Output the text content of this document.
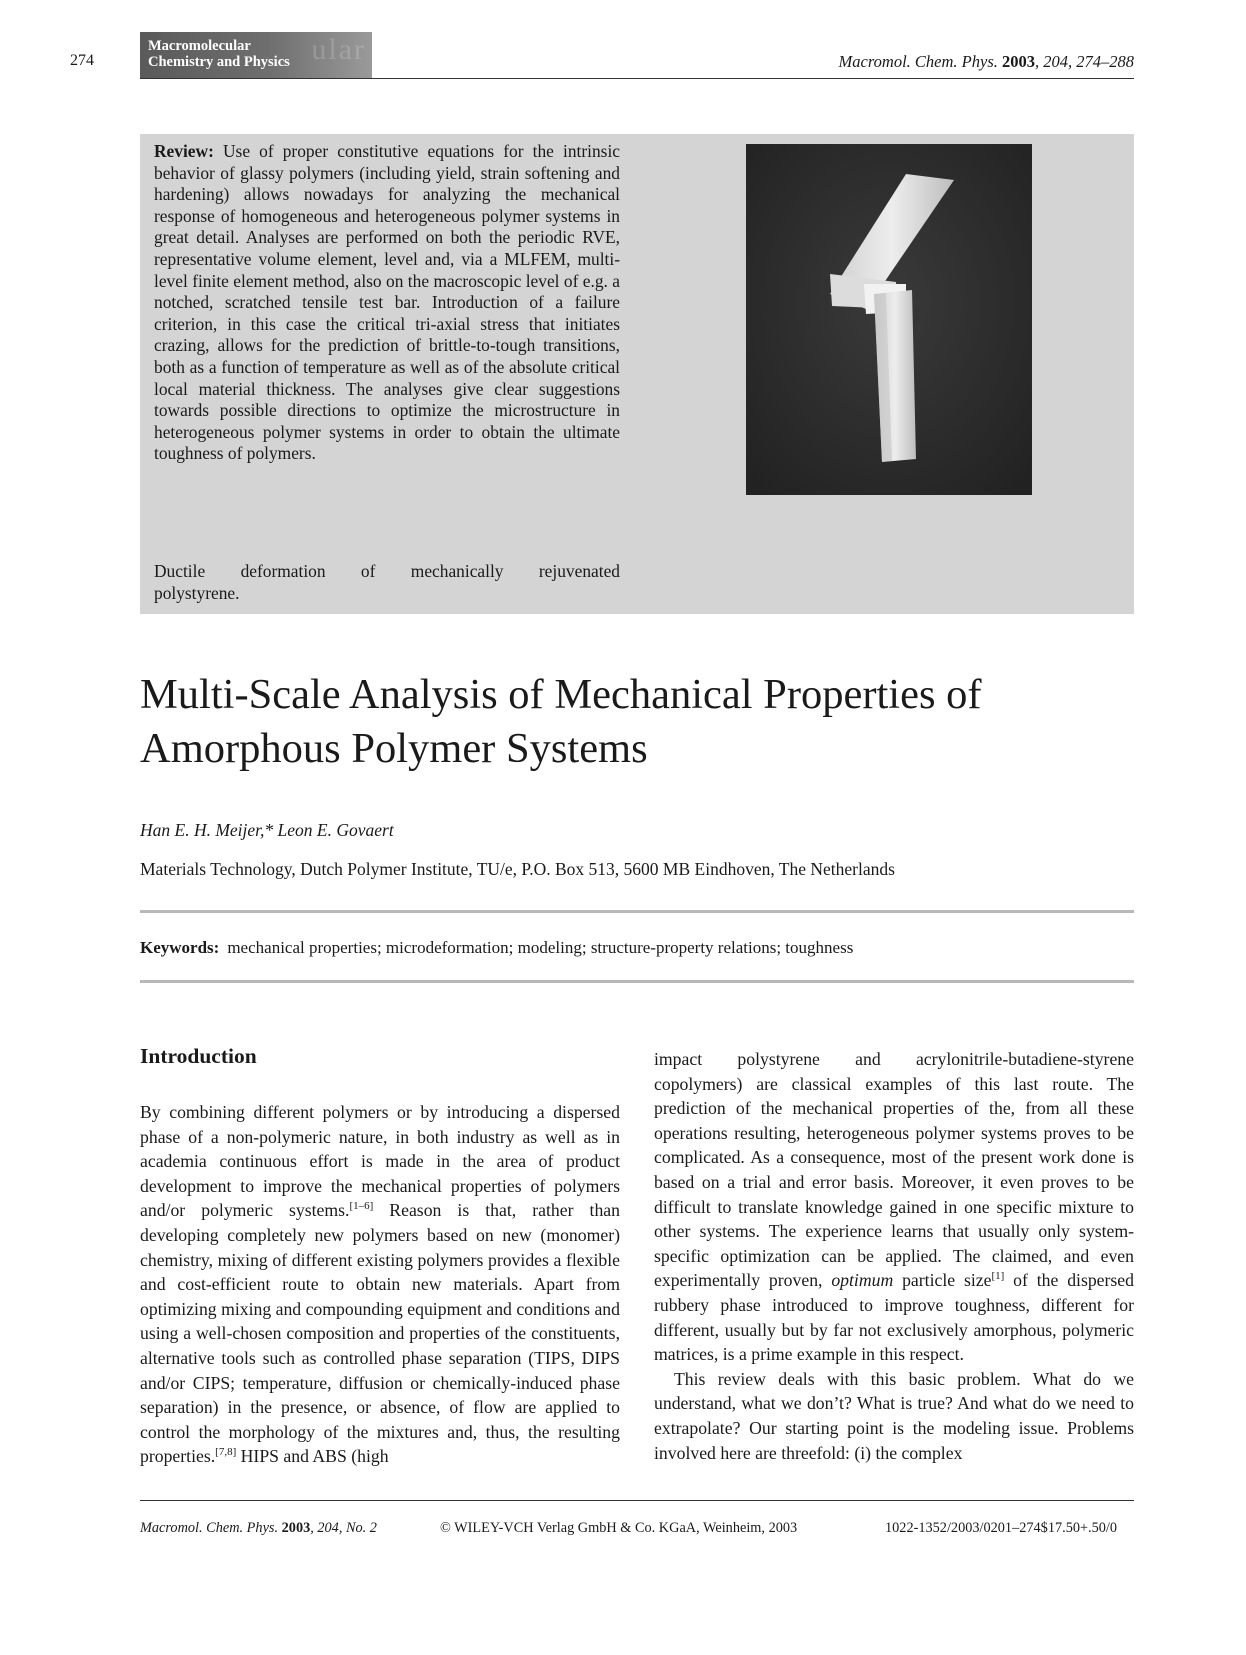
274	ular
Macromolecular
Chemistry and Physics	Macromol. Chem. Phys. 2003, 204, 274–288
Review: Use of proper constitutive equations for the intrinsic behavior of glassy polymers (including yield, strain softening and hardening) allows nowadays for analyzing the mechanical response of homogeneous and heterogeneous polymer systems in great detail. Analyses are performed on both the periodic RVE, representative volume element, level and, via a MLFEM, multi-level finite element method, also on the macroscopic level of e.g. a notched, scratched tensile test bar. Introduction of a failure criterion, in this case the critical tri-axial stress that initiates crazing, allows for the prediction of brittle-to-tough transitions, both as a function of temperature as well as of the absolute critical local material thickness. The analyses give clear suggestions towards possible directions to optimize the microstructure in heterogeneous polymer systems in order to obtain the ultimate toughness of polymers.
Ductile deformation of mechanically rejuvenated
polystyrene.
Multi-Scale Analysis of Mechanical Properties of
Amorphous Polymer Systems
Han E. H. Meijer,* Leon E. Govaert
Materials Technology, Dutch Polymer Institute, TU/e, P.O. Box 513, 5600 MB Eindhoven, The Netherlands
Keywords: mechanical properties; microdeformation; modeling; structure-property relations; toughness
Introduction
By combining different polymers or by introducing a dispersed phase of a non-polymeric nature, in both industry as well as in academia continuous effort is made in the area of product development to improve the mechanical properties of polymers and/or polymeric systems.[1–6] Reason is that, rather than developing completely new polymers based on new (monomer) chemistry, mixing of different existing polymers provides a flexible and cost-efficient route to obtain new materials. Apart from optimizing mixing and compounding equipment and conditions and using a well-chosen composition and properties of the constituents, alternative tools such as controlled phase separation (TIPS, DIPS and/or CIPS; temperature, diffusion or chemically-induced phase separation) in the presence, or absence, of flow are applied to control the morphology of the mixtures and, thus, the resulting properties.[7,8] HIPS and ABS (high
impact polystyrene and acrylonitrile-butadiene-styrene copolymers) are classical examples of this last route. The prediction of the mechanical properties of the, from all these operations resulting, heterogeneous polymer systems proves to be complicated. As a consequence, most of the present work done is based on a trial and error basis. Moreover, it even proves to be difficult to translate knowledge gained in one specific mixture to other systems. The experience learns that usually only system-specific optimization can be applied. The claimed, and even experimentally proven, optimum particle size[1] of the dispersed rubbery phase introduced to improve toughness, different for different, usually but by far not exclusively amorphous, polymeric matrices, is a prime example in this respect.
This review deals with this basic problem. What do we understand, what we don’t? What is true? And what do we need to extrapolate? Our starting point is the modeling issue. Problems involved here are threefold: (i) the complex
Macromol. Chem. Phys. 2003, 204, No. 2	© WILEY-VCH Verlag GmbH & Co. KGaA, Weinheim, 2003	1022-1352/2003/0201–274$17.50+.50/0
